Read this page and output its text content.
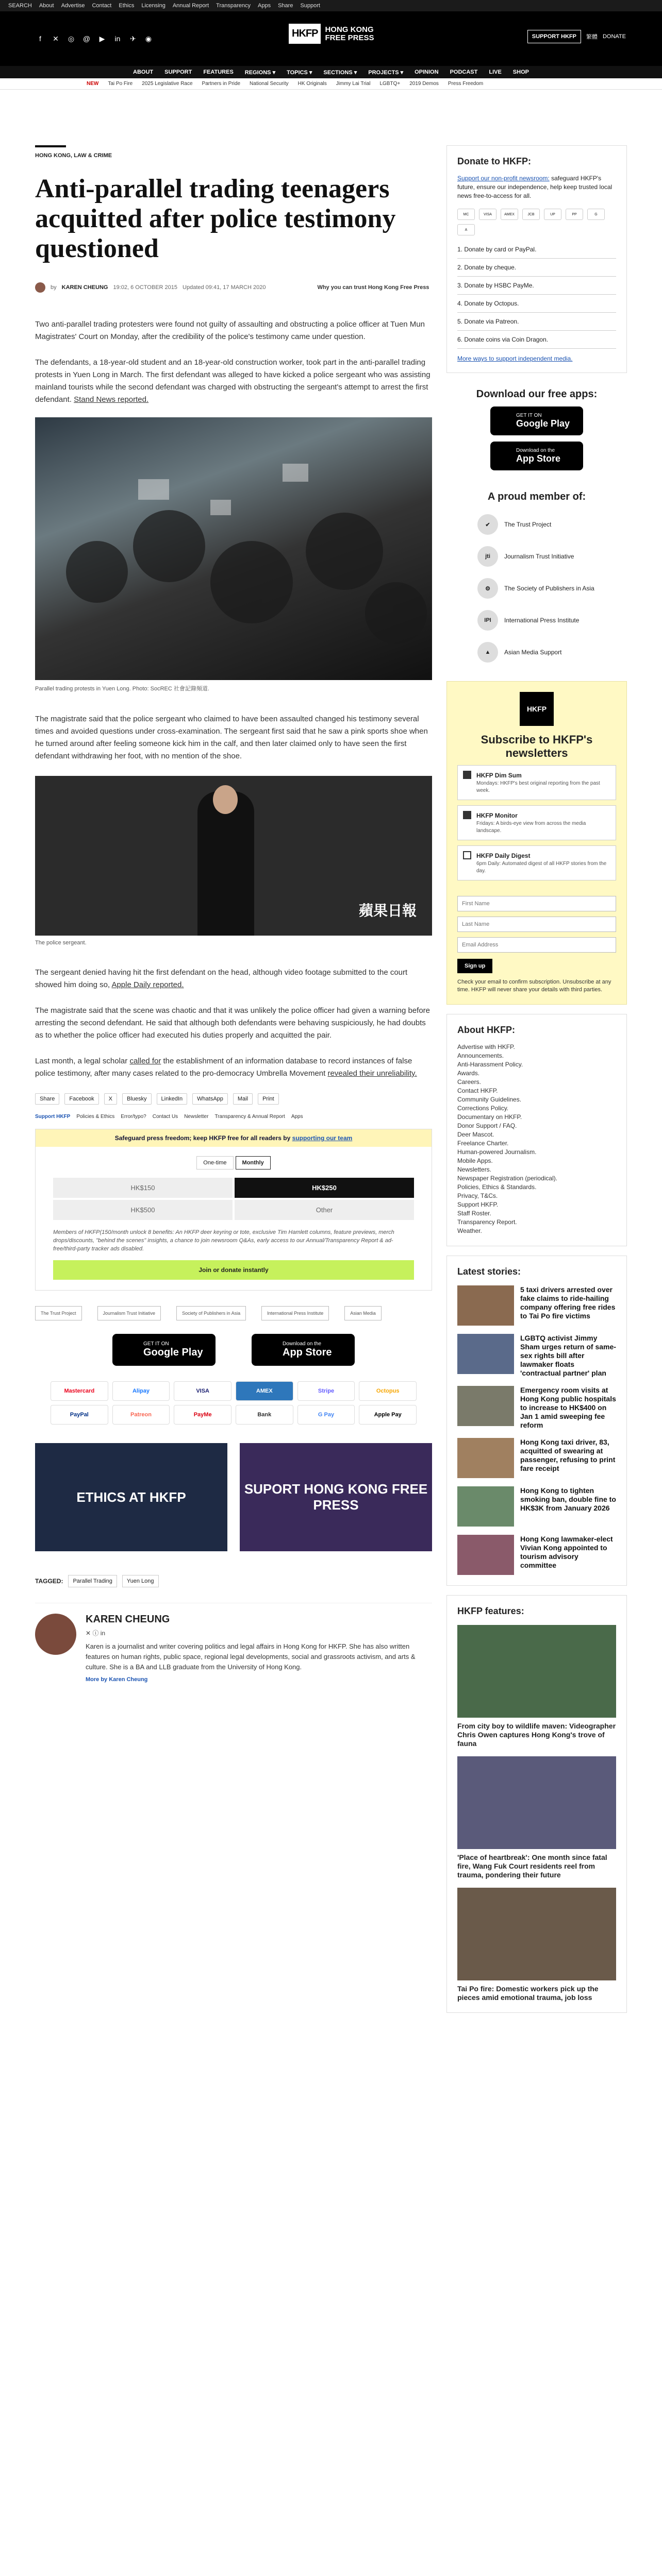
SEARCH About Advertise Contact Ethics Licensing Annual Report Transparency Apps Share Support
f	✕ ◎ @ ▶ in ✈ ◉	HKFP HONG KONG
FREE PRESS	SUPPORT HKFP	繁體 DONATE
ABOUT SUPPORT FEATURES REGIONS ▾ TOPICS ▾ SECTIONS ▾ PROJECTS ▾ OPINION PODCAST LIVE SHOP
NEW Tai Po Fire 2025 Legislative Race Partners in Pride National Security HK Originals Jimmy Lai Trial LGBTQ+ 2019 Demos Press Freedom
HONG KONG, LAW & CRIME
Anti-parallel trading teenagers acquitted after police testimony questioned
by KAREN CHEUNG 19:02, 6 OCTOBER 2015 Updated 09:41, 17 MARCH 2020	Why you can trust Hong Kong Free Press

Two anti-parallel trading protesters were found not guilty of assaulting and obstructing a police officer at Tuen Mun Magistrates' Court on Monday, after the credibility of the police's testimony came under question.

The defendants, a 18-year-old student and an 18-year-old construction worker, took part in the anti-parallel trading protests in Yuen Long in March. The first defendant was alleged to have kicked a police sergeant who was assisting mainland tourists while the second defendant was charged with obstructing the sergeant's attempt to arrest the first defendant. Stand News reported.

Parallel trading protests in Yuen Long. Photo: SocREC 社會記錄頻道.

The magistrate said that the police sergeant who claimed to have been assaulted changed his testimony several times and avoided questions under cross-examination. The sergeant first said that he saw a pink sports shoe when he turned around after feeling someone kick him in the calf, and then later claimed only to have seen the first defendant withdrawing her foot, with no mention of the shoe.

蘋果日報
The police sergeant.

The sergeant denied having hit the first defendant on the head, although video footage submitted to the court showed him doing so, Apple Daily reported.

The magistrate said that the scene was chaotic and that it was unlikely the police officer had given a warning before arresting the second defendant. He said that although both defendants were behaving suspiciously, he had doubts as to whether the police officer had executed his duties properly and acquitted the pair.

Last month, a legal scholar called for the establishment of an information database to record instances of false police testimony, after many cases related to the pro-democracy Umbrella Movement revealed their unreliability.

Share	Facebook	X	Bluesky	LinkedIn	WhatsApp	Mail	Print
Support HKFP Policies & Ethics Error/typo? Contact Us Newsletter Transparency & Annual Report Apps
Safeguard press freedom; keep HKFP free for all readers by supporting our team
One-time	Monthly
HK$150	HK$250
HK$500	Other

Members of HKFP(150/month unlock 8 benefits: An HKFP deer keyring or tote, exclusive Tim Hamlett columns, feature previews, merch drops/discounts, "behind the scenes" insights, a chance to join newsroom Q&As, early access to our Annual/Transparency Report & ad-free/third-party tracker ads disabled.

Join or donate instantly
The Trust Project	Journalism Trust Initiative	Society of Publishers in Asia	International Press Institute	Asian Media
GET IT ON
Google Play
Download on the
App Store
Mastercard	Alipay	VISA	AMEX	Stripe	Octopus
PayPal	Patreon	PayMe	Bank	G Pay	Apple Pay
ETHICS AT HKFP
SUPORT HONG KONG FREE PRESS
TAGGED:	Parallel Trading	Yuen Long
KAREN CHEUNG
✕ ⓘ in

Karen is a journalist and writer covering politics and legal affairs in Hong Kong for HKFP. She has also written features on human rights, public space, regional legal developments, social and grassroots activism, and arts & culture. She is a BA and LLB graduate from the University of Hong Kong.

More by Karen Cheung
Donate to HKFP:

Support our non-profit newsroom: safeguard HKFP's future, ensure our independence, help keep trusted local news free-to-access for all.

MC	VISA	AMEX	JCB	UP	PP	G
A
1. Donate by card or PayPal.
2. Donate by cheque.
3. Donate by HSBC PayMe.
4. Donate by Octopus.
5. Donate via Patreon.
6. Donate coins via Coin Dragon.
More ways to support independent media.
Download our free apps:
GET IT ON
Google Play
Download on the
App Store
A proud member of:
✔	The Trust Project
jti	Journalism Trust Initiative
⚙	The Society of Publishers in Asia
IPI	International Press Institute
▲	Asian Media Support
HKFP
Subscribe to HKFP's newsletters
HKFP Dim Sum

Mondays: HKFP's best original reporting from the past week.

HKFP Monitor

Fridays: A birds-eye view from across the media landscape.

HKFP Daily Digest

6pm Daily: Automated digest of all HKFP stories from the day.

First Name Last Name Email Address
Sign up

Check your email to confirm subscription. Unsubscribe at any time. HKFP will never share your details with third parties.

About HKFP:
Advertise with HKFP.
Announcements.
Anti-Harassment Policy.
Awards.
Careers.
Contact HKFP.
Community Guidelines.
Corrections Policy.
Documentary on HKFP.
Donor Support / FAQ.
Deer Mascot.
Freelance Charter.
Human-powered Journalism.
Mobile Apps.
Newsletters.
Newspaper Registration (periodical).
Policies, Ethics & Standards.
Privacy, T&Cs.
Support HKFP.
Staff Roster.
Transparency Report.
Weather.
Latest stories:
5 taxi drivers arrested over fake claims to ride-hailing company offering free rides to Tai Po fire victims
LGBTQ activist Jimmy Sham urges return of same-sex rights bill after lawmaker floats 'contractual partner' plan
Emergency room visits at Hong Kong public hospitals to increase to HK$400 on Jan 1 amid sweeping fee reform
Hong Kong taxi driver, 83, acquitted of swearing at passenger, refusing to print fare receipt
Hong Kong to tighten smoking ban, double fine to HK$3K from January 2026
Hong Kong lawmaker-elect Vivian Kong appointed to tourism advisory committee
HKFP features:
From city boy to wildlife maven: Videographer Chris Owen captures Hong Kong's trove of fauna
'Place of heartbreak': One month since fatal fire, Wang Fuk Court residents reel from trauma, pondering their future
Tai Po fire: Domestic workers pick up the pieces amid emotional trauma, job loss
